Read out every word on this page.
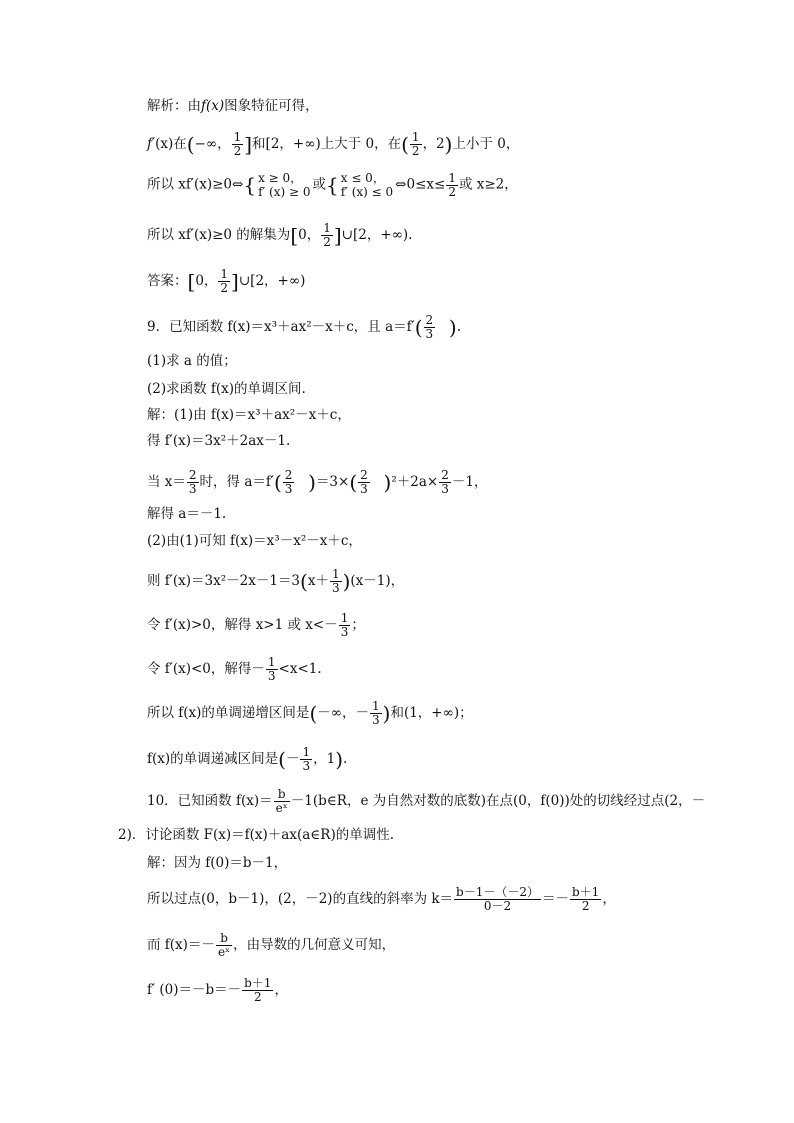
解析：由f(x)图象特征可得，
f′(x)在(−∞， $\frac{1}{2}$ ]和[2，+∞)上大于 0，在( $\frac{1}{2}$ ，2)上小于 0，
所以 xf′(x)≥0⇔{ x ≥ 0，
f′ (x) ≥ 0 或{ x ≤ 0，
f′ (x) ≤ 0 ⇔0≤x≤ $\frac{1}{2}$ 或 x≥2，
所以 xf′(x)≥0 的解集为[0， $\frac{1}{2}$ ]∪[2，+∞).
答案：[0， $\frac{1}{2}$ ]∪[2，+∞)
9．已知函数 f(x)＝x³＋ax²－x＋c，且 $a=f'( \frac{2}{3}$ ).
(1)求 a 的值；
(2)求函数 f(x)的单调区间.
解：(1)由 f(x)＝x³＋ax²－x＋c，
得 f′(x)＝3x²＋2ax－1.
当 $x= \frac{2}{3}$ 时，得 $a=f'( \frac{2}{3} )=3\times( \frac{2}{3} )^2+2a\times \frac{2}{3} -1$，
解得 a＝－1.
(2)由(1)可知 f(x)＝x³－x²－x＋c，
则 $f'(x)=3x^2-2x-1=3(x+ \frac{1}{3} )(x-1)$，
令 f′(x)>0，解得 x>1 或 $x<- \frac{1}{3}$ ；
令 f′(x)<0，解得－ $\frac{1}{3} <x<1$.
所以 f(x)的单调递增区间是(－∞，－ $\frac{1}{3}$ )和(1，+∞)；
f(x)的单调递减区间是(－ $\frac{1}{3}$ ，1).
10．已知函数 $f(x)= \frac{b}{\text{eˣ}}$ －1(b∈R，e 为自然对数的底数)在点(0，f(0))处的切线经过点(2，－
2)．讨论函数 F(x)＝f(x)＋ax(a∈R)的单调性.
解：因为 f(0)＝b－1，
所以过点(0，b－1)，(2，－2)的直线的斜率为 $k= \frac{b-1-(-2)}{0-2} =- \frac{b+1}{2}$ ，
而 $f(x)=- \frac{b}{\text{eˣ}}$ ，由导数的几何意义可知，
f′ $(0)=-b=- \frac{b+1}{2}$ ，
